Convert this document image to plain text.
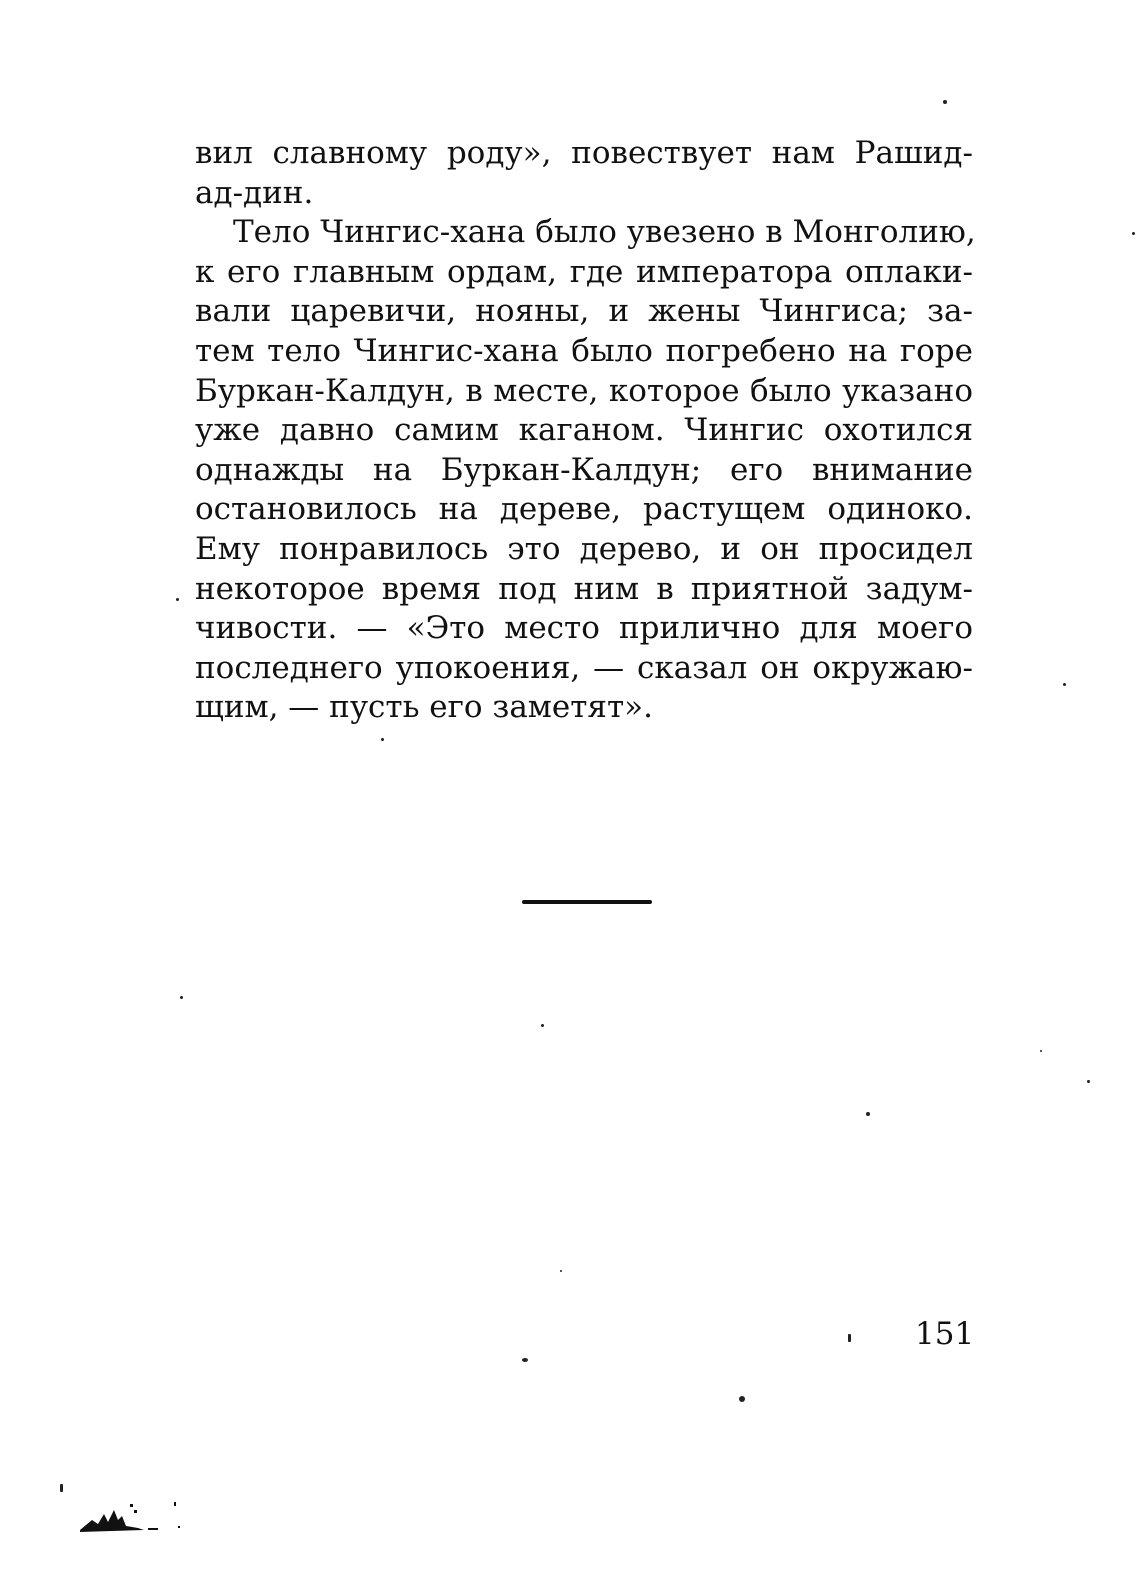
вил славному роду», повествует нам Рашид-
ад-дин.
Тело Чингис-хана было увезено в Монголию,
к его главным ордам, где императора оплаки-
вали царевичи, нояны, и жены Чингиса; за-
тем тело Чингис-хана было погребено на горе
Буркан-Калдун, в месте, которое было указано
уже давно самим каганом. Чингис охотился
однажды на Буркан-Калдун; его внимание
остановилось на дереве, растущем одиноко.
Ему понравилось это дерево, и он просидел
некоторое время под ним в приятной задум-
чивости. — «Это место прилично для моего
последнего упокоения, — сказал он окружаю-
щим, — пусть его заметят».
151
